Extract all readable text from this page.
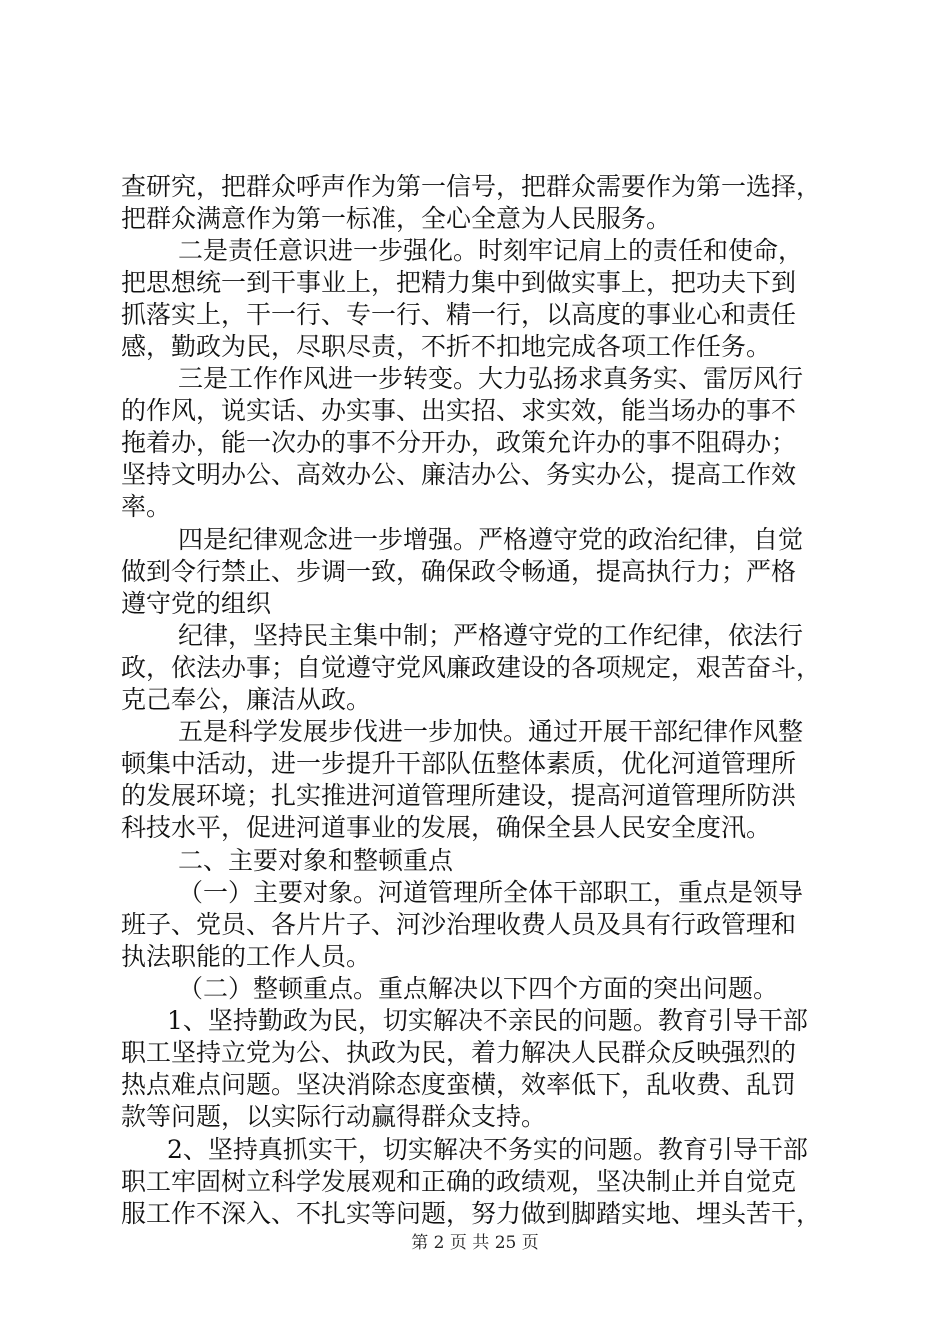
查研究，把群众呼声作为第一信号，把群众需要作为第一选择，
把群众满意作为第一标准，全心全意为人民服务。
二是责任意识进一步强化。时刻牢记肩上的责任和使命，
把思想统一到干事业上，把精力集中到做实事上，把功夫下到
抓落实上，干一行、专一行、精一行，以高度的事业心和责任
感，勤政为民，尽职尽责，不折不扣地完成各项工作任务。
三是工作作风进一步转变。大力弘扬求真务实、雷厉风行
的作风，说实话、办实事、出实招、求实效，能当场办的事不
拖着办，能一次办的事不分开办，政策允许办的事不阻碍办；
坚持文明办公、高效办公、廉洁办公、务实办公，提高工作效
率。
四是纪律观念进一步增强。严格遵守党的政治纪律，自觉
做到令行禁止、步调一致，确保政令畅通，提高执行力；严格
遵守党的组织
纪律，坚持民主集中制；严格遵守党的工作纪律，依法行
政，依法办事；自觉遵守党风廉政建设的各项规定，艰苦奋斗，
克己奉公，廉洁从政。
五是科学发展步伐进一步加快。通过开展干部纪律作风整
顿集中活动，进一步提升干部队伍整体素质，优化河道管理所
的发展环境；扎实推进河道管理所建设，提高河道管理所防洪
科技水平，促进河道事业的发展，确保全县人民安全度汛。
二、主要对象和整顿重点
（一）主要对象。河道管理所全体干部职工，重点是领导
班子、党员、各片片子、河沙治理收费人员及具有行政管理和
执法职能的工作人员。
（二）整顿重点。重点解决以下四个方面的突出问题。
1、坚持勤政为民，切实解决不亲民的问题。教育引导干部
职工坚持立党为公、执政为民，着力解决人民群众反映强烈的
热点难点问题。坚决消除态度蛮横，效率低下，乱收费、乱罚
款等问题，以实际行动赢得群众支持。
2、坚持真抓实干，切实解决不务实的问题。教育引导干部
职工牢固树立科学发展观和正确的政绩观，坚决制止并自觉克
服工作不深入、不扎实等问题，努力做到脚踏实地、埋头苦干，
第 2 页 共 25 页
